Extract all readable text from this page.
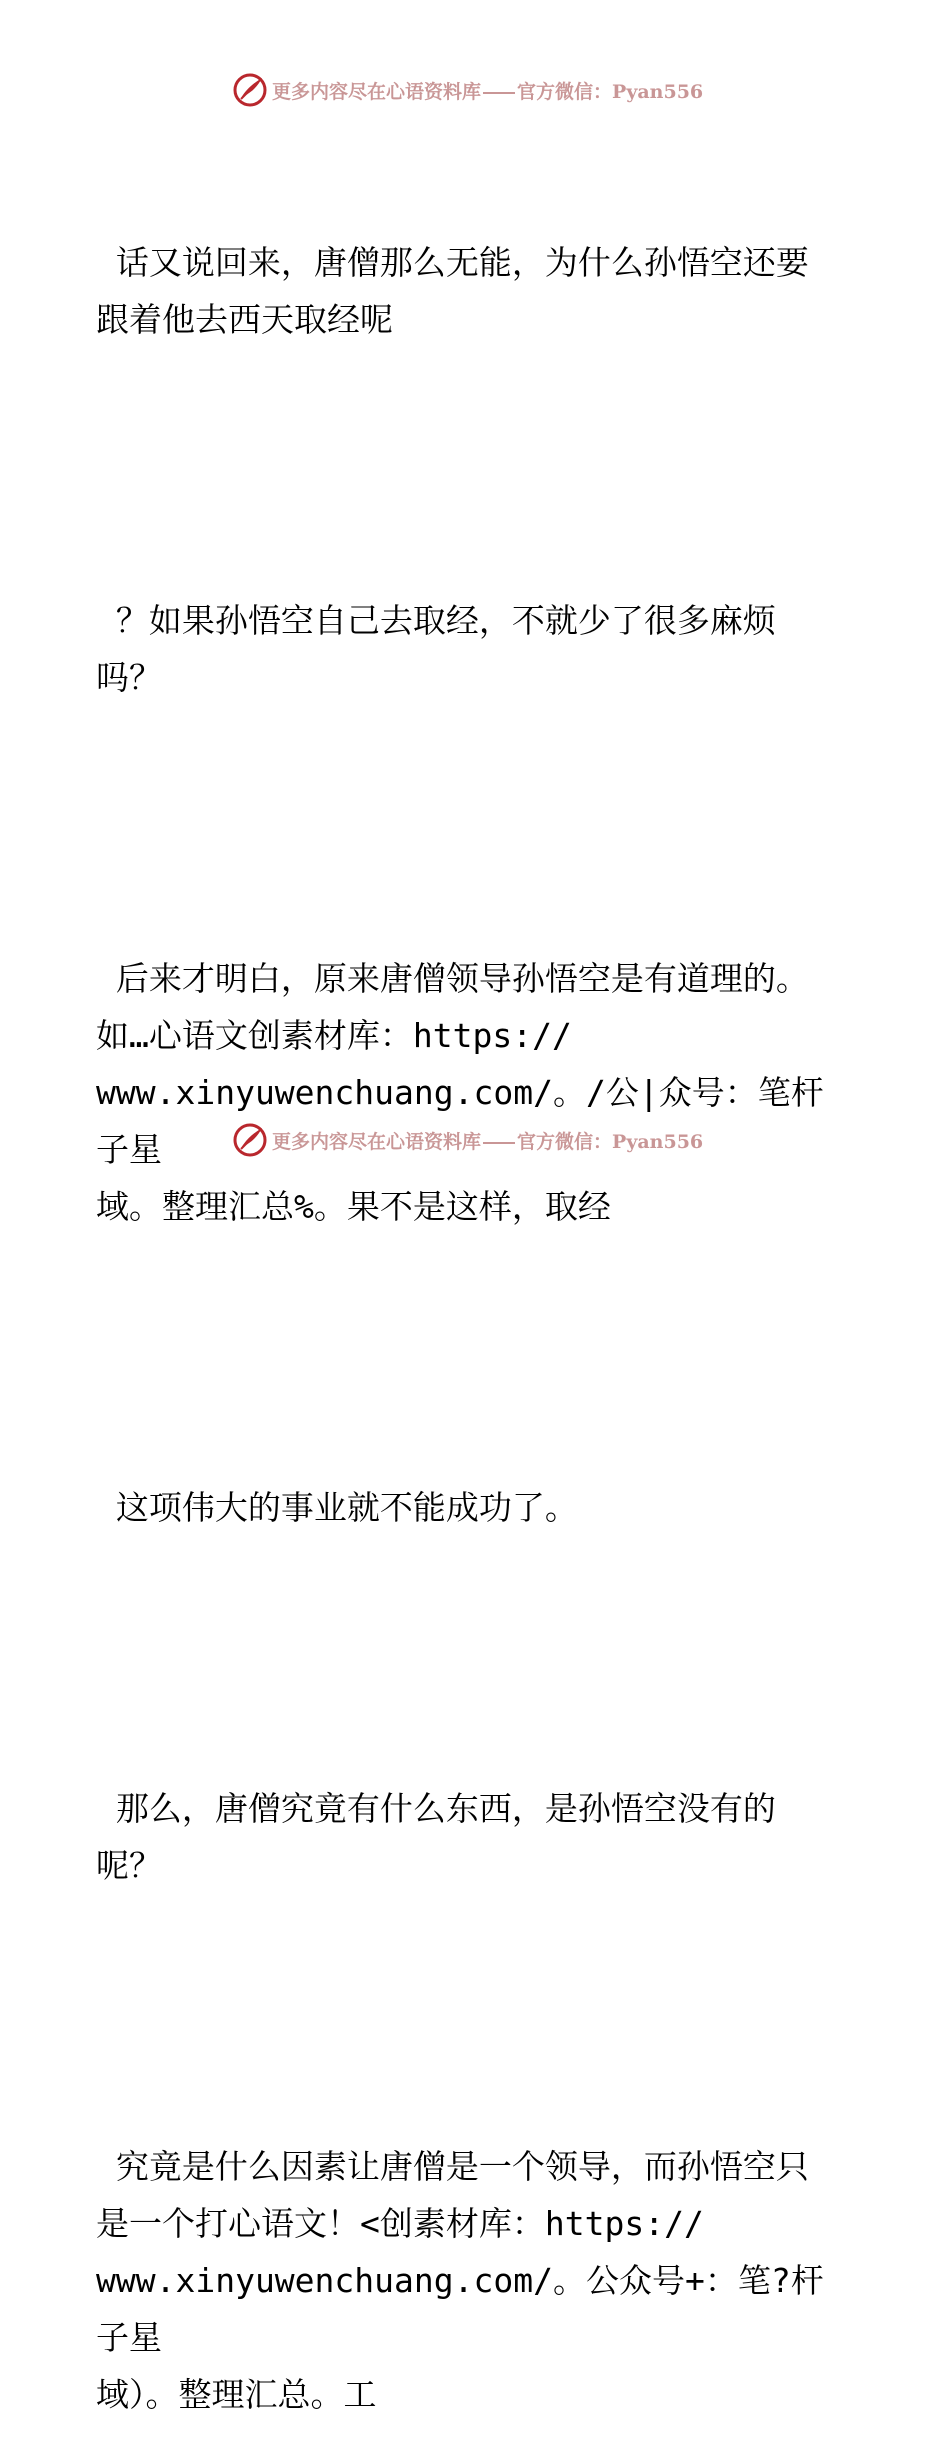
更多内容尽在心语资料库 官方微信：Pyan556

话又说回来，唐僧那么无能，为什么孙悟空还要
跟着他去西天取经呢

？如果孙悟空自己去取经，不就少了很多麻烦
吗？

后来才明白，原来唐僧领导孙悟空是有道理的。
如…心语文创素材库：https://
www.xinyuwenchuang.com/。/公|众号：笔杆子星
域。整理汇总%。果不是这样，取经

这项伟大的事业就不能成功了。

那么，唐僧究竟有什么东西，是孙悟空没有的
呢？

究竟是什么因素让唐僧是一个领导，而孙悟空只
是一个打心语文！<创素材库：https://
www.xinyuwenchuang.com/。公众号+：笔?杆子星
域）。整理汇总。工

更多内容尽在心语资料库 官方微信：Pyan556
